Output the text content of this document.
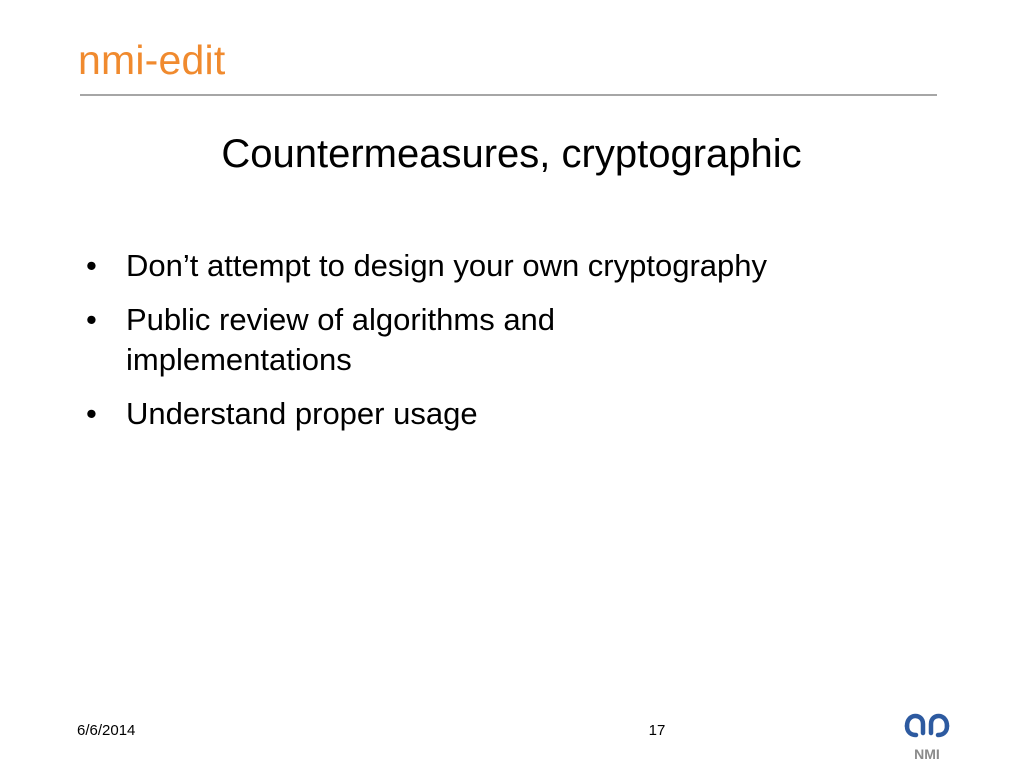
nmi-edit
Countermeasures, cryptographic
• Don’t attempt to design your own cryptography
• Public review of algorithms and implementations
• Understand proper usage
6/6/2014	17
NMI
